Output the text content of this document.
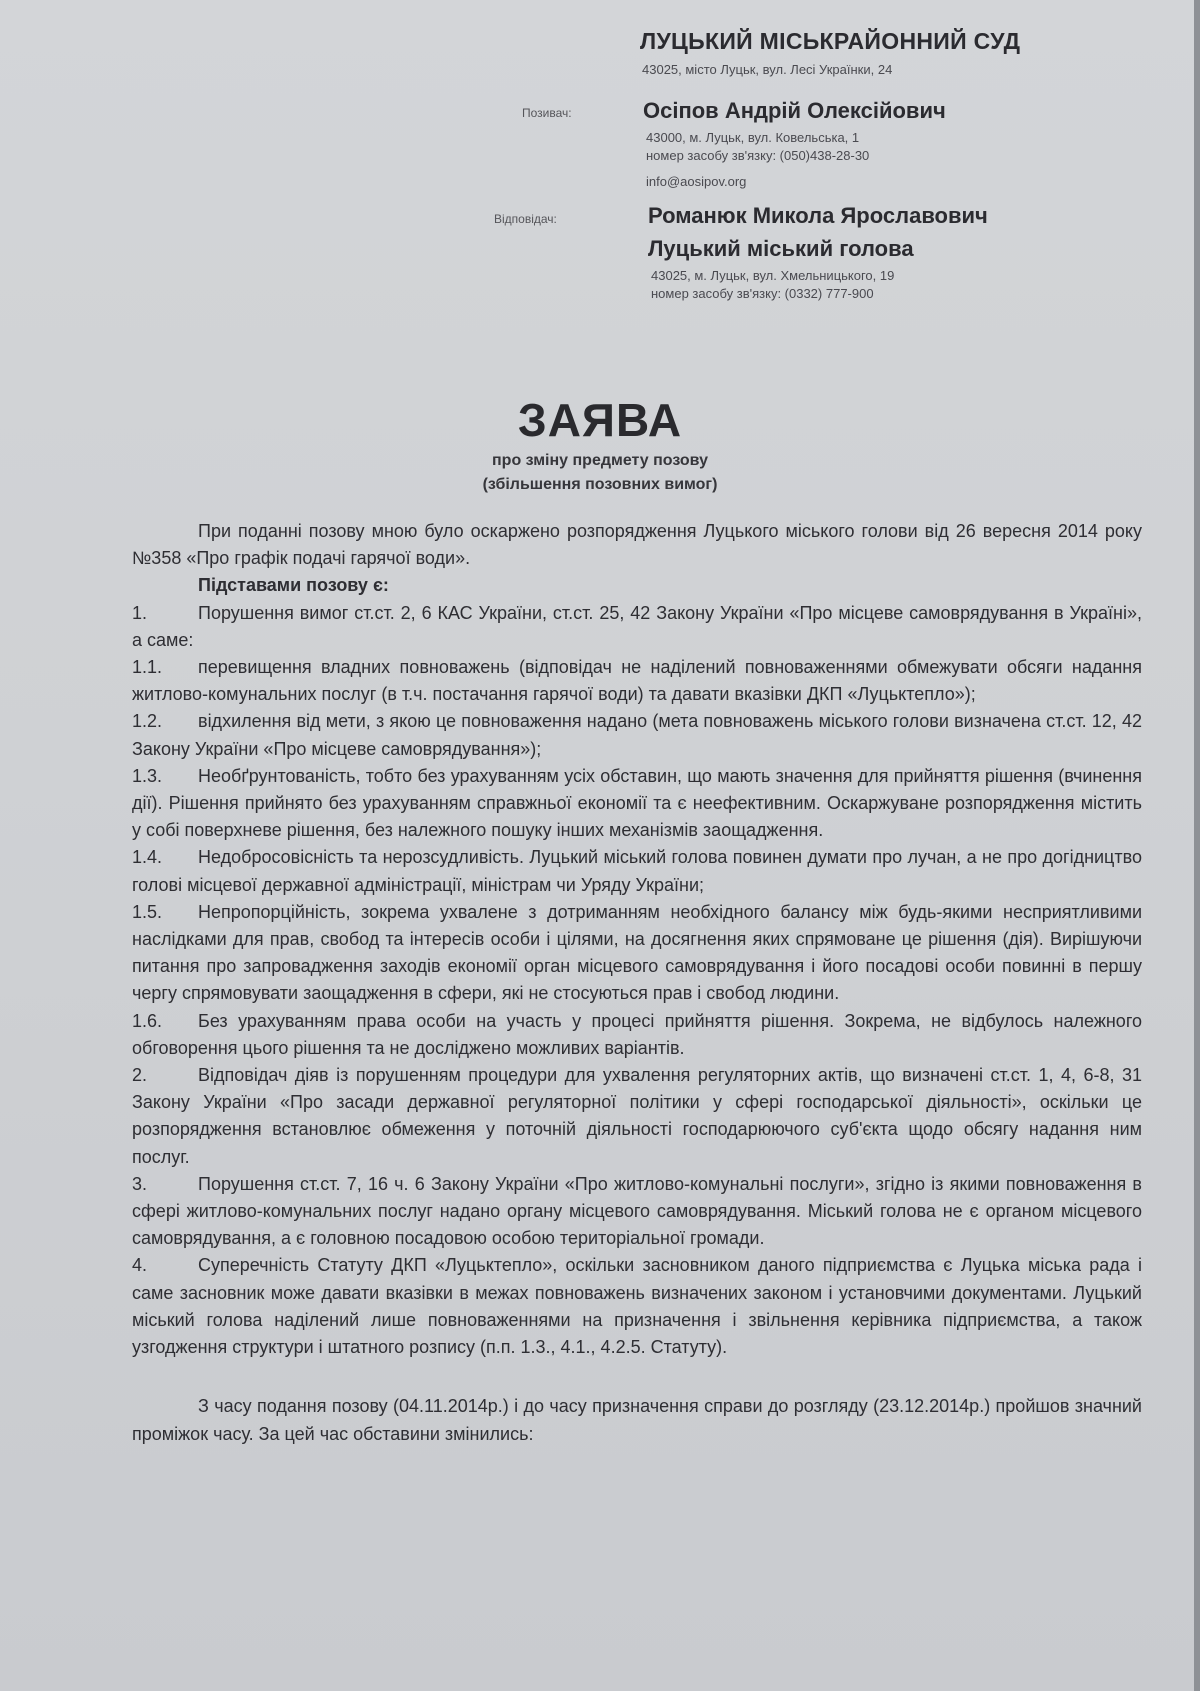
ЛУЦЬКИЙ МІСЬКРАЙОННИЙ СУД
43025, місто Луцьк, вул. Лесі Українки, 24
Позивач:	Осіпов Андрій Олексійович
43000, м. Луцьк, вул. Ковельська, 1
номер засобу зв'язку: (050)438-28-30
info@aosipov.org
Відповідач:	Романюк Микола Ярославович
Луцький міський голова
43025, м. Луцьк, вул. Хмельницького, 19
номер засобу зв'язку: (0332) 777-900
ЗАЯВА
про зміну предмету позову
(збільшення позовних вимог)

При поданні позову мною було оскаржено розпорядження Луцького міського голови від 26 вересня 2014 року №358 «Про графік подачі гарячої води».

Підставами позову є:

1.	Порушення вимог ст.ст. 2, 6 КАС України, ст.ст. 25, 42 Закону України «Про місцеве самоврядування в Україні», а саме:

1.1. перевищення владних повноважень (відповідач не наділений повноваженнями обмежувати обсяги надання житлово-комунальних послуг (в т.ч. постачання гарячої води) та давати вказівки ДКП «Луцьктепло»);

1.2. відхилення від мети, з якою це повноваження надано (мета повноважень міського голови визначена ст.ст. 12, 42 Закону України «Про місцеве самоврядування»);

1.3. Необґрунтованість, тобто без урахуванням усіх обставин, що мають значення для прийняття рішення (вчинення дії). Рішення прийнято без урахуванням справжньої економії та є неефективним. Оскаржуване розпорядження містить у собі поверхневе рішення, без належного пошуку інших механізмів заощадження.

1.4. Недобросовісність та нерозсудливість. Луцький міський голова повинен думати про лучан, а не про догідництво голові місцевої державної адміністрації, міністрам чи Уряду України;

1.5. Непропорційність, зокрема ухвалене з дотриманням необхідного балансу між будь-якими несприятливими наслідками для прав, свобод та інтересів особи і цілями, на досягнення яких спрямоване це рішення (дія). Вирішуючи питання про запровадження заходів економії орган місцевого самоврядування і його посадові особи повинні в першу чергу спрямовувати заощадження в сфери, які не стосуються прав і свобод людини.

1.6. Без урахуванням права особи на участь у процесі прийняття рішення. Зокрема, не відбулось належного обговорення цього рішення та не досліджено можливих варіантів.

2.	Відповідач діяв із порушенням процедури для ухвалення регуляторних актів, що визначені ст.ст. 1, 4, 6-8, 31 Закону України «Про засади державної регуляторної політики у сфері господарської діяльності», оскільки це розпорядження встановлює обмеження у поточній діяльності господарюючого суб'єкта щодо обсягу надання ним послуг.

3.	Порушення ст.ст. 7, 16 ч. 6 Закону України «Про житлово-комунальні послуги», згідно із якими повноваження в сфері житлово-комунальних послуг надано органу місцевого самоврядування. Міський голова не є органом місцевого самоврядування, а є головною посадовою особою територіальної громади.

4.	Суперечність Статуту ДКП «Луцьктепло», оскільки засновником даного підприємства є Луцька міська рада і саме засновник може давати вказівки в межах повноважень визначених законом і установчими документами. Луцький міський голова наділений лише повноваженнями на призначення і звільнення керівника підприємства, а також узгодження структури і штатного розпису (п.п. 1.3., 4.1., 4.2.5. Статуту).

З часу подання позову (04.11.2014р.) і до часу призначення справи до розгляду (23.12.2014р.) пройшов значний проміжок часу. За цей час обставини змінились:
